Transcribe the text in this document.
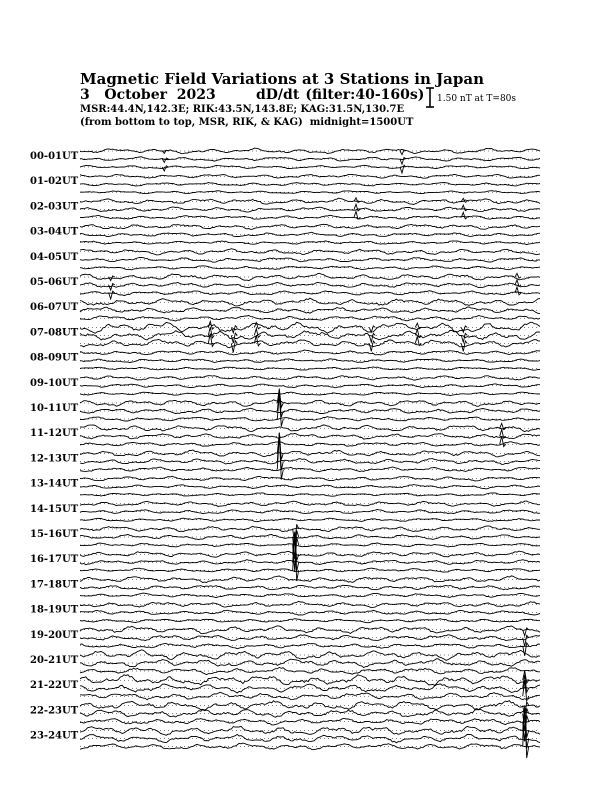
Magnetic Field Variations at 3 Stations in Japan
3 October 2023	dD/dt (filter:40-160s)
MSR:44.4N,142.3E; RIK:43.5N,143.8E; KAG:31.5N,130.7E
(from bottom to top, MSR, RIK, & KAG) midnight=1500UT
1.50 nT at T=80s
00-01UT
01-02UT
02-03UT
03-04UT
04-05UT
05-06UT
06-07UT
07-08UT
08-09UT
09-10UT
10-11UT
11-12UT
12-13UT
13-14UT
14-15UT
15-16UT
16-17UT
17-18UT
18-19UT
19-20UT
20-21UT
21-22UT
22-23UT
23-24UT
